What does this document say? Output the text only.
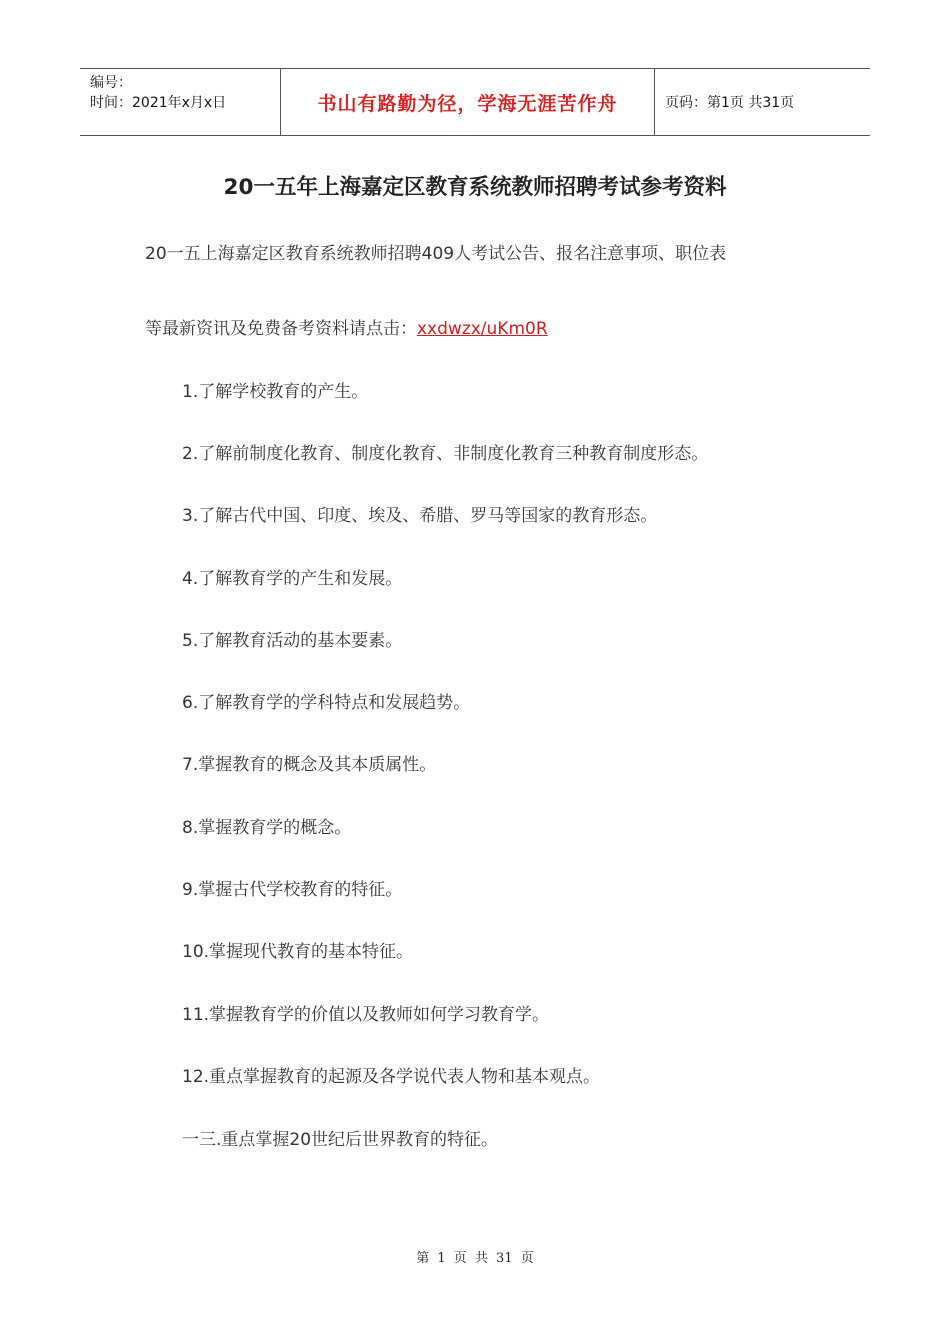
编号：
时间：2021年x月x日	书山有路勤为径，学海无涯苦作舟	页码：第1页 共31页
20一五年上海嘉定区教育系统教师招聘考试参考资料
20一五上海嘉定区教育系统教师招聘409人考试公告、报名注意事项、职位表
等最新资讯及免费备考资料请点击：xxdwzx/uKm0R
1.了解学校教育的产生。
2.了解前制度化教育、制度化教育、非制度化教育三种教育制度形态。
3.了解古代中国、印度、埃及、希腊、罗马等国家的教育形态。
4.了解教育学的产生和发展。
5.了解教育活动的基本要素。
6.了解教育学的学科特点和发展趋势。
7.掌握教育的概念及其本质属性。
8.掌握教育学的概念。
9.掌握古代学校教育的特征。
10.掌握现代教育的基本特征。
11.掌握教育学的价值以及教师如何学习教育学。
12.重点掌握教育的起源及各学说代表人物和基本观点。
一三.重点掌握20世纪后世界教育的特征。
第 1 页 共 31 页
